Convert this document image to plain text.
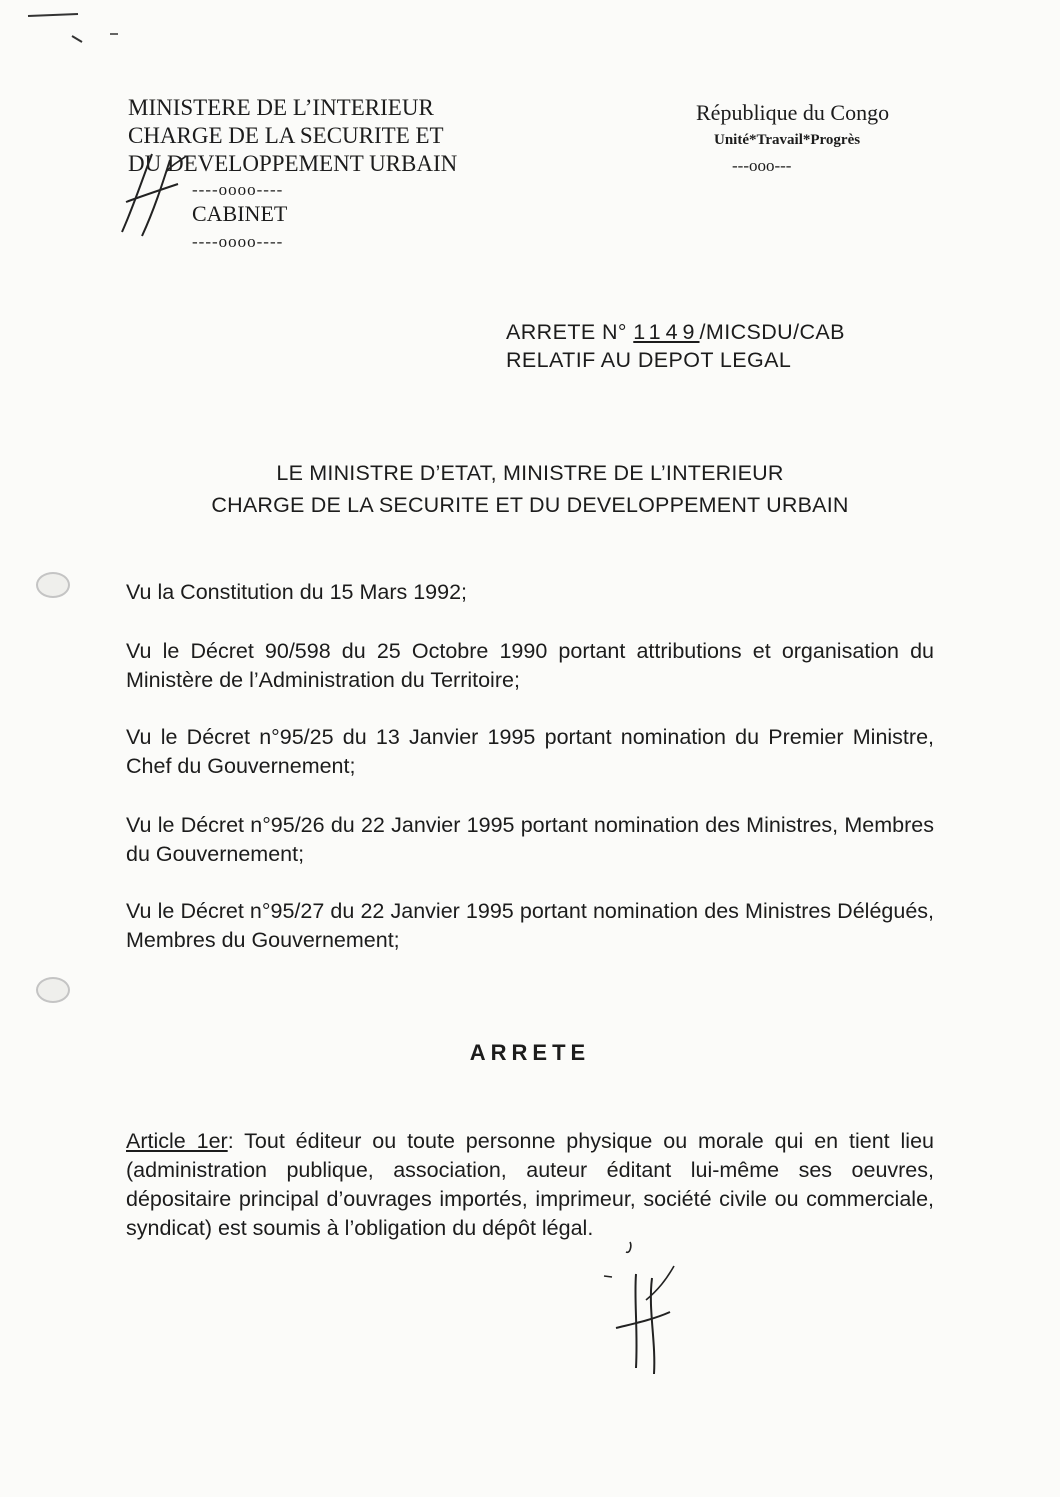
MINISTERE DE L’INTERIEUR
CHARGE DE LA SECURITE ET
DU DEVELOPPEMENT URBAIN
----oooo----
CABINET
----oooo----
République du Congo
Unité*Travail*Progrès
---ooo---
ARRETE N° 1149/MICSDU/CAB
RELATIF AU DEPOT LEGAL
LE MINISTRE D’ETAT, MINISTRE DE L’INTERIEUR
CHARGE DE LA SECURITE ET DU DEVELOPPEMENT URBAIN
Vu la Constitution du 15 Mars 1992;
Vu le Décret 90/598 du 25 Octobre 1990 portant attributions et organisation du Ministère de l’Administration du Territoire;
Vu le Décret n°95/25 du 13 Janvier 1995 portant nomination du Premier Ministre, Chef du Gouvernement;
Vu le Décret n°95/26 du 22 Janvier 1995 portant nomination des Ministres, Membres du Gouvernement;
Vu le Décret n°95/27 du 22 Janvier 1995 portant nomination des Ministres Délégués, Membres du Gouvernement;
ARRETE
Article 1er: Tout éditeur ou toute personne physique ou morale qui en tient lieu (administration publique, association, auteur éditant lui-même ses oeuvres, dépositaire principal d’ouvrages importés, imprimeur, société civile ou commerciale, syndicat) est soumis à l’obligation du dépôt légal.
